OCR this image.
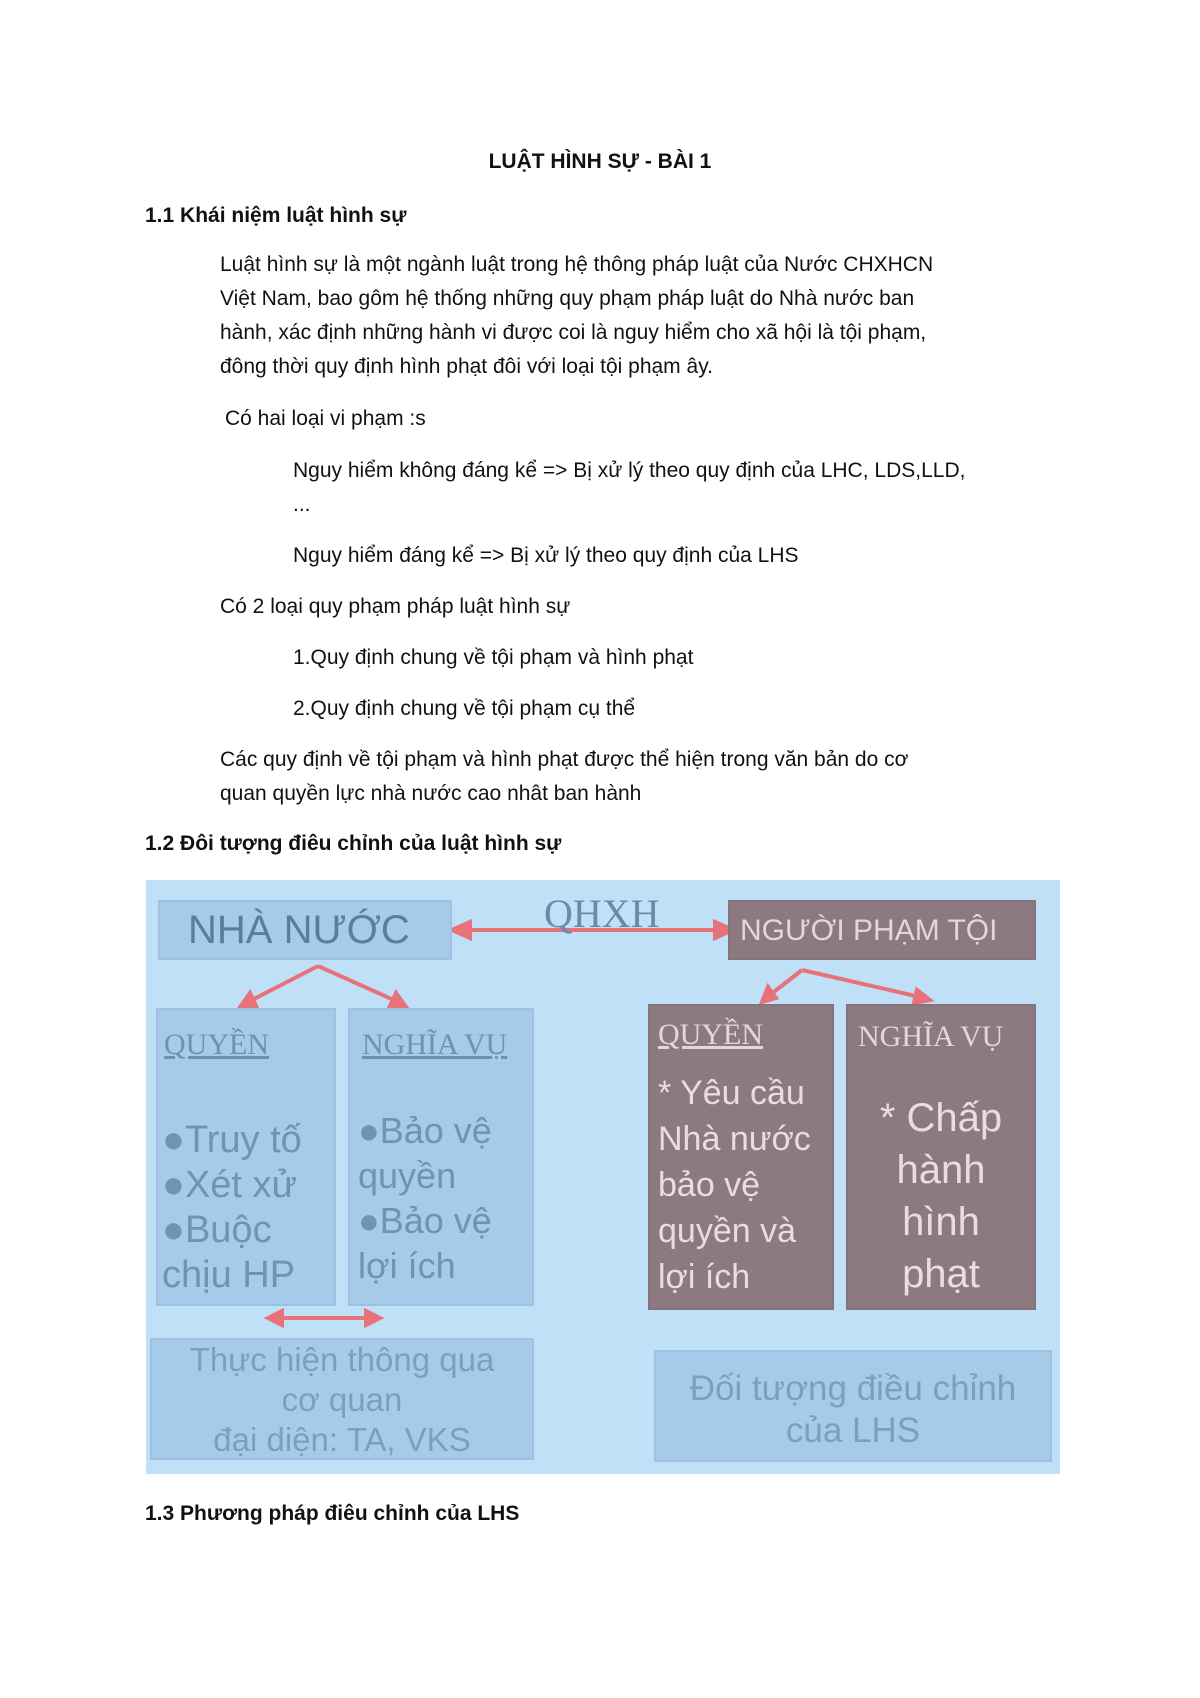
LUẬT HÌNH SỰ - BÀI 1
1.1 Khái niệm luật hình sự
Luật hình sự là một ngành luật trong hệ thông pháp luật của Nước CHXHCN
Việt Nam, bao gôm hệ thống những quy phạm pháp luật do Nhà nước ban
hành, xác định những hành vi được coi là nguy hiểm cho xã hội là tội phạm,
đông thời quy định hình phạt đôi với loại tội phạm ây.
Có hai loại vi phạm :s
Nguy hiểm không đáng kể => Bị xử lý theo quy định của LHC, LDS,LLD,
...
Nguy hiểm đáng kể => Bị xử lý theo quy định của LHS
Có 2 loại quy phạm pháp luật hình sự
1.Quy định chung về tội phạm và hình phạt
2.Quy định chung về tội phạm cụ thể
Các quy định về tội phạm và hình phạt được thể hiện trong văn bản do cơ
quan quyền lực nhà nước cao nhât ban hành
1.2 Đôi tượng điêu chỉnh của luật hình sự
NHÀ NƯỚC	QHXH	NGƯỜI PHẠM TỘI
QUYỀN
●Truy tố
●Xét xử
●Buộc
chịu HP
NGHĨA VỤ
●Bảo vệ
quyền
●Bảo vệ
lợi ích
QUYỀN
* Yêu cầu
Nhà nước
bảo vệ
quyền và
lợi ích
NGHĨA VỤ
* Chấp
hành
hình
phạt
Thực hiện thông qua
cơ quan
đại diện: TA, VKS
Đối tượng điều chỉnh
của LHS
1.3 Phương pháp điêu chỉnh của LHS
